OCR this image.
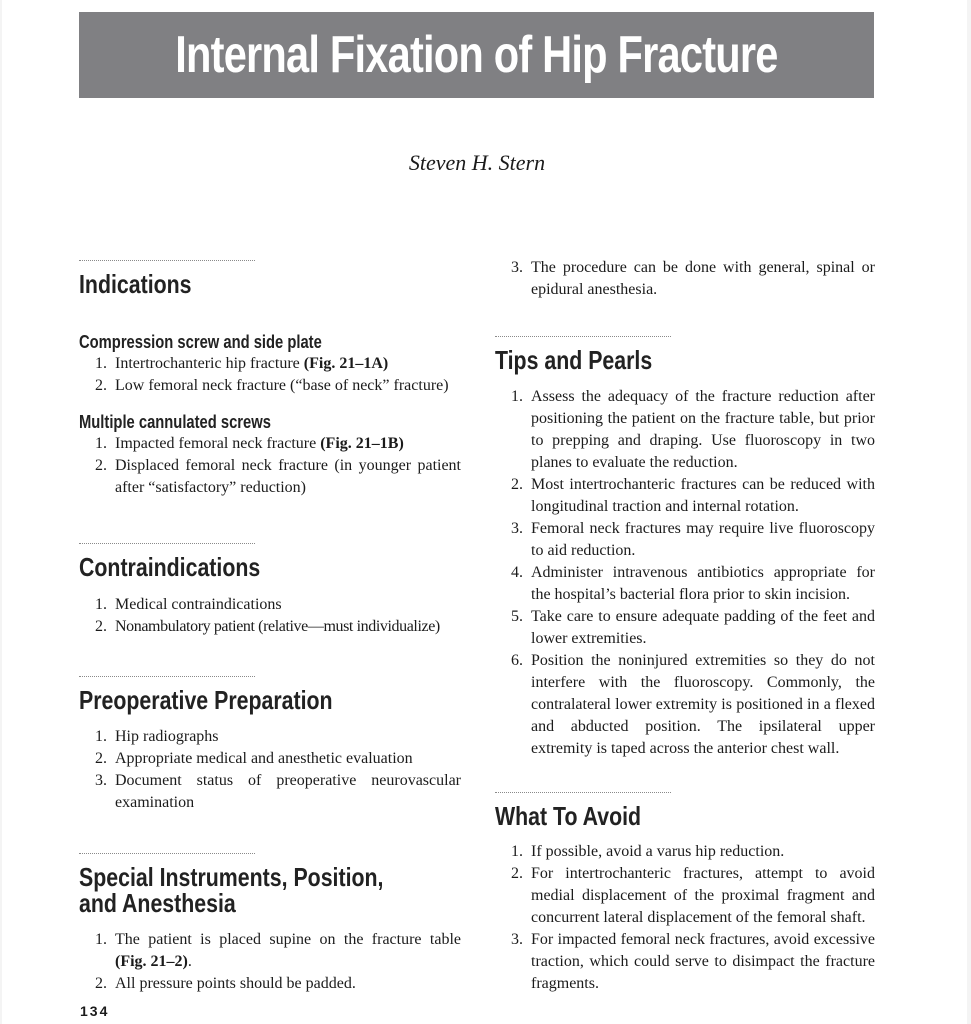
Internal Fixation of Hip Fracture
Steven H. Stern
Indications
Compression screw and side plate
1. Intertrochanteric hip fracture (Fig. 21–1A)
2. Low femoral neck fracture (“base of neck” fracture)
Multiple cannulated screws
1. Impacted femoral neck fracture (Fig. 21–1B)
2. Displaced femoral neck fracture (in younger patient after “satisfactory” reduction)
Contraindications
1. Medical contraindications
2. Nonambulatory patient (relative—must individualize)
Preoperative Preparation
1. Hip radiographs
2. Appropriate medical and anesthetic evaluation
3. Document status of preoperative neurovascular examination
Special Instruments, Position,
and Anesthesia
1. The patient is placed supine on the fracture table (Fig. 21–2).
2. All pressure points should be padded.
3. The procedure can be done with general, spinal or epidural anesthesia.
Tips and Pearls
1. Assess the adequacy of the fracture reduction after positioning the patient on the fracture table, but prior to prepping and draping. Use fluoroscopy in two planes to evaluate the reduction.
2. Most intertrochanteric fractures can be reduced with longitudinal traction and internal rotation.
3. Femoral neck fractures may require live fluoroscopy to aid reduction.
4. Administer intravenous antibiotics appropriate for the hospital’s bacterial flora prior to skin incision.
5. Take care to ensure adequate padding of the feet and lower extremities.
6. Position the noninjured extremities so they do not interfere with the fluoroscopy. Commonly, the contralateral lower extremity is positioned in a flexed and abducted position. The ipsilateral upper extremity is taped across the anterior chest wall.
What To Avoid
1. If possible, avoid a varus hip reduction.
2. For intertrochanteric fractures, attempt to avoid medial displacement of the proximal fragment and concurrent lateral displacement of the femoral shaft.
3. For impacted femoral neck fractures, avoid excessive traction, which could serve to disimpact the fracture fragments.
134
